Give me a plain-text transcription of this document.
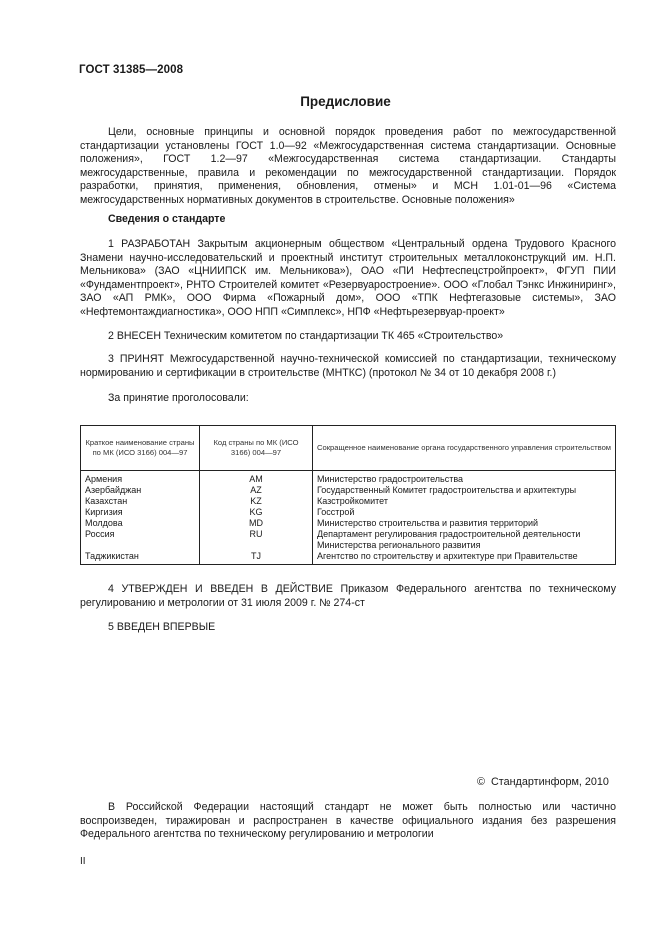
ГОСТ 31385—2008
Предисловие
Цели, основные принципы и основной порядок проведения работ по межгосударственной стандартизации установлены ГОСТ 1.0—92 «Межгосударственная система стандартизации. Основные положения», ГОСТ 1.2—97 «Межгосударственная система стандартизации. Стандарты межгосударственные, правила и рекомендации по межгосударственной стандартизации. Порядок разработки, принятия, применения, обновления, отмены» и МСН 1.01-01—96 «Система межгосударственных нормативных документов в строительстве. Основные положения»
Сведения о стандарте
1 РАЗРАБОТАН Закрытым акционерным обществом «Центральный ордена Трудового Красного Знамени научно-исследовательский и проектный институт строительных металлоконструкций им. Н.П. Мельникова» (ЗАО «ЦНИИПСК им. Мельникова»), ОАО «ПИ Нефтеспецстройпроект», ФГУП ПИИ «Фундаментпроект», РНТО Строителей комитет «Резервуаростроение». ООО «Глобал Тэнкс Инжиниринг», ЗАО «АП РМК», ООО Фирма «Пожарный дом», ООО «ТПК Нефтегазовые системы», ЗАО «Нефтемонтаждиагностика», ООО НПП «Симплекс», НПФ «Нефтьрезервуар-проект»
2 ВНЕСЕН Техническим комитетом по стандартизации ТК 465 «Строительство»
3 ПРИНЯТ Межгосударственной научно-технической комиссией по стандартизации, техническому нормированию и сертификации в строительстве (МНТКС) (протокол № 34 от 10 декабря 2008 г.)
За принятие проголосовали:
Краткое наименование страны по МК (ИСО 3166) 004—97	Код страны по МК (ИСО 3166) 004—97	Сокращенное наименование органа государственного управления строительством
Армения	AM	Министерство градостроительства
Азербайджан	AZ	Государственный Комитет градостроительства и архитектуры
Казахстан	KZ	Казстройкомитет
Киргизия	KG	Госстрой
Молдова	MD	Министерство строительства и развития территорий
Россия	RU	Департамент регулирования градостроительной деятельности
		Министерства регионального развития
Таджикистан	TJ	Агентство по строительству и архитектуре при Правительстве
4 УТВЕРЖДЕН И ВВЕДЕН В ДЕЙСТВИЕ Приказом Федерального агентства по техническому регулированию и метрологии от 31 июля 2009 г. № 274-ст
5 ВВЕДЕН ВПЕРВЫЕ
© Стандартинформ, 2010
В Российской Федерации настоящий стандарт не может быть полностью или частично воспроизведен, тиражирован и распространен в качестве официального издания без разрешения Федерального агентства по техническому регулированию и метрологии
II
